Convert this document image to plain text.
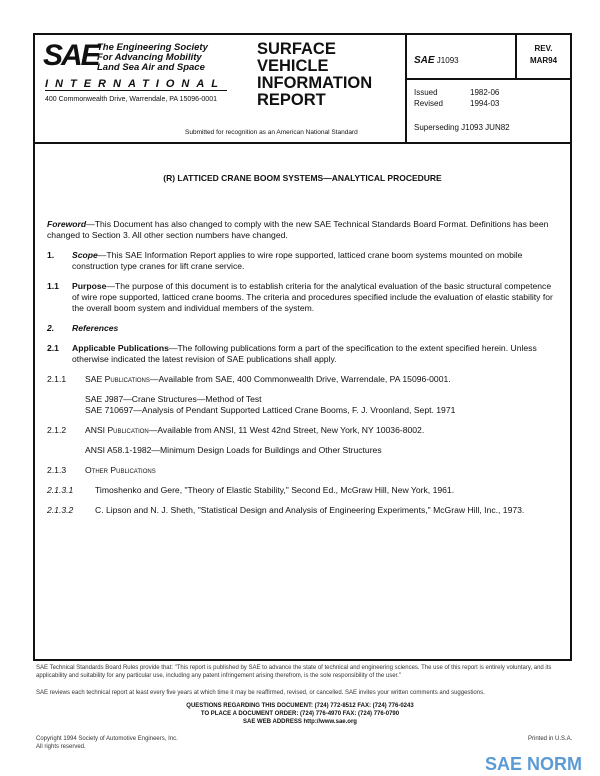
SAE
The Engineering Society
For Advancing Mobility
Land Sea Air and Space
INTERNATIONAL
400 Commonwealth Drive, Warrendale, PA 15096-0001
SURFACE
VEHICLE
INFORMATION
REPORT
Submitted for recognition as an American National Standard
SAE J1093
REV.
MAR94
Issued	1982-06
Revised	1994-03
Superseding J1093 JUN82
(R) LATTICED CRANE BOOM SYSTEMS—ANALYTICAL PROCEDURE

Foreword—This Document has also changed to comply with the new SAE Technical Standards Board Format. Definitions has been changed to Section 3. All other section numbers have changed.

1. Scope—This SAE Information Report applies to wire rope supported, latticed crane boom systems mounted on mobile construction type cranes for lift crane service.

1.1 Purpose—The purpose of this document is to establish criteria for the analytical evaluation of the basic structural competence of wire rope supported, latticed crane booms. The criteria and procedures specified include the evaluation of elastic stability for the overall boom system and individual members of the system.

2. References

2.1 Applicable Publications—The following publications form a part of the specification to the extent specified herein. Unless otherwise indicated the latest revision of SAE publications shall apply.

2.1.1 SAE Publications—Available from SAE, 400 Commonwealth Drive, Warrendale, PA 15096-0001.

SAE J987—Crane Structures—Method of Test
SAE 710697—Analysis of Pendant Supported Latticed Crane Booms, F. J. Vroonland, Sept. 1971

2.1.2 ANSI Publication—Available from ANSI, 11 West 42nd Street, New York, NY 10036-8002.

ANSI A58.1-1982—Minimum Design Loads for Buildings and Other Structures

2.1.3 Other Publications

2.1.3.1	Timoshenko and Gere, "Theory of Elastic Stability," Second Ed., McGraw Hill, New York, 1961.

2.1.3.2	C. Lipson and N. J. Sheth, "Statistical Design and Analysis of Engineering Experiments," McGraw Hill, Inc., 1973.

SAE Technical Standards Board Rules provide that: "This report is published by SAE to advance the state of technical and engineering sciences. The use of this report is entirely voluntary, and its applicability and suitability for any particular use, including any patent infringement arising therefrom, is the sole responsibility of the user."
SAE reviews each technical report at least every five years at which time it may be reaffirmed, revised, or cancelled. SAE invites your written comments and suggestions.
QUESTIONS REGARDING THIS DOCUMENT: (724) 772-8512 FAX: (724) 776-0243
TO PLACE A DOCUMENT ORDER: (724) 776-4970 FAX: (724) 776-0790
SAE WEB ADDRESS http://www.sae.org
Copyright 1994 Society of Automotive Engineers, Inc.
All rights reserved.
Printed in U.S.A.
SAE NORM
